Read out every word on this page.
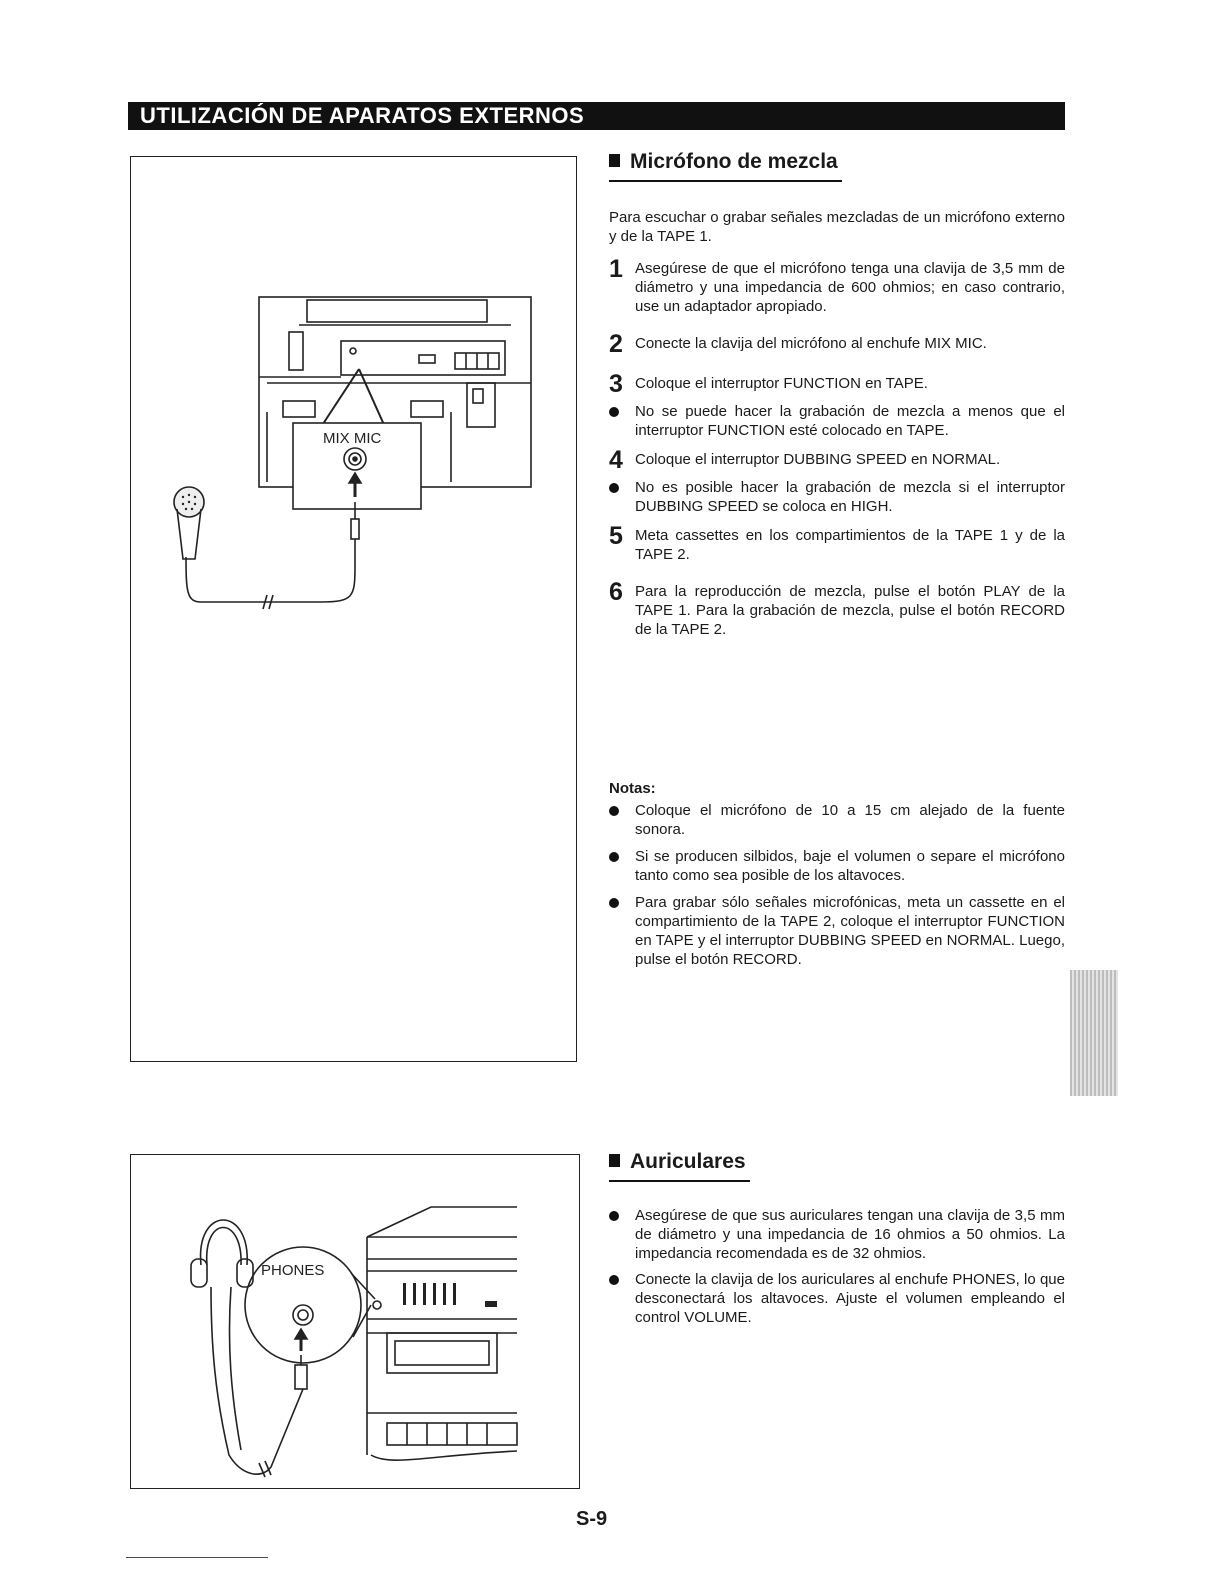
UTILIZACIÓN DE APARATOS EXTERNOS
MIX MIC
Micrófono de mezcla

Para escuchar o grabar señales mezcladas de un micrófono externo y de la TAPE 1.

1 Asegúrese de que el micrófono tenga una clavija de 3,5 mm de diámetro y una impedancia de 600 ohmios; en caso contrario, use un adaptador apropiado.
2 Conecte la clavija del micrófono al enchufe MIX MIC.
3 Coloque el interruptor FUNCTION en TAPE.
No se puede hacer la grabación de mezcla a menos que el interruptor FUNCTION esté colocado en TAPE.
4 Coloque el interruptor DUBBING SPEED en NORMAL.
No es posible hacer la grabación de mezcla si el interruptor DUBBING SPEED se coloca en HIGH.
5 Meta cassettes en los compartimientos de la TAPE 1 y de la TAPE 2.
6 Para la reproducción de mezcla, pulse el botón PLAY de la TAPE 1. Para la grabación de mezcla, pulse el botón RECORD de la TAPE 2.
Notas:
Coloque el micrófono de 10 a 15 cm alejado de la fuente sonora.
Si se producen silbidos, baje el volumen o separe el micrófono tanto como sea posible de los altavoces.
Para grabar sólo señales microfónicas, meta un cassette en el compartimiento de la TAPE 2, coloque el interruptor FUNCTION en TAPE y el interruptor DUBBING SPEED en NORMAL. Luego, pulse el botón RECORD.
PHONES
Auriculares
Asegúrese de que sus auriculares tengan una clavija de 3,5 mm de diámetro y una impedancia de 16 ohmios a 50 ohmios. La impedancia recomendada es de 32 ohmios.
Conecte la clavija de los auriculares al enchufe PHONES, lo que desconectará los altavoces. Ajuste el volumen empleando el control VOLUME.
S-9
